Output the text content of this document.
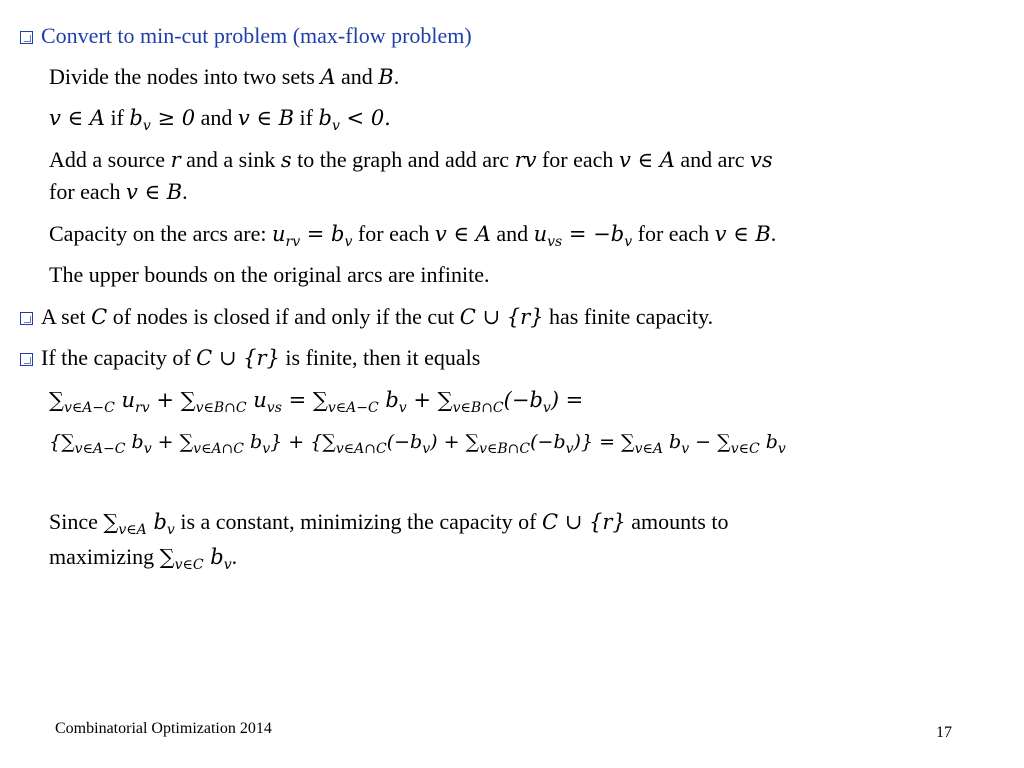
Convert to min-cut problem (max-flow problem)
Divide the nodes into two sets A and B.
v ∈ A if $b_v \ge 0$ and v ∈ B if $b_v < 0$.
Add a source r and a sink s to the graph and add arc rv for each v ∈ A and arc vs
for each v ∈ B.
Capacity on the arcs are: $u_{rv} = b_v$ for each v ∈ A and $u_{vs} = -b_v$ for each v ∈ B.
The upper bounds on the original arcs are infinite.
A set C of nodes is closed if and only if the cut C ∪ {r} has finite capacity.
If the capacity of C ∪ {r} is finite, then it equals
$\sum_{v\in A-C}$ $u_{rv} + \sum_{v\in B\cap C}$ $u_{vs} = \sum_{v\in A-C}$ $b_v + \sum_{v\in B\cap C}(-b_v)$ =
{$\sum_{v\in A-C}$ $b_v + \sum_{v\in A\cap C}$ $b_v\} + \{\sum_{v\in A\cap C}(-b_v) + \sum_{v\in B\cap C}(-b_v)\} = \sum_{v\in A}$ $b_v - \sum_{v\in C}$ $b_v$
Since $\sum_{v\in A}$ $b_v$ is a constant, minimizing the capacity of C ∪ {r} amounts to
maximizing $\sum_{v\in C}$ $b_v$.
Combinatorial Optimization 2014	17
